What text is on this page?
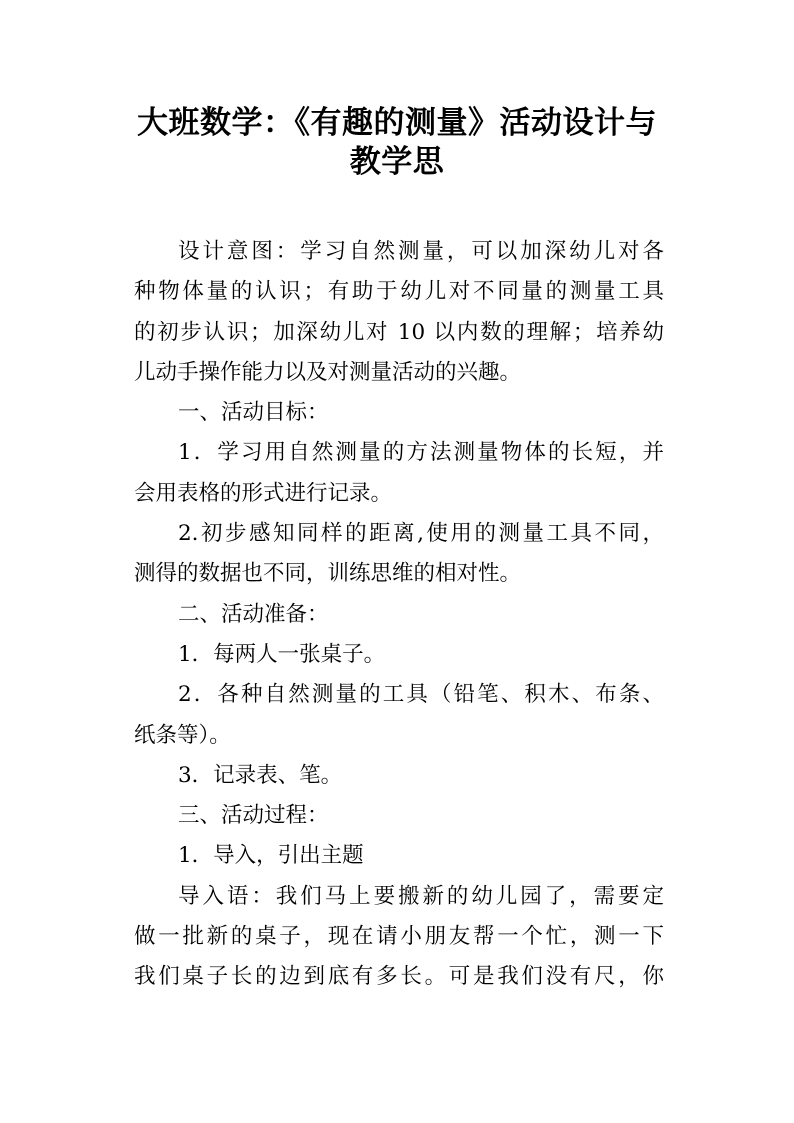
大班数学：《有趣的测量》活动设计与
教学思
设计意图：学习自然测量，可以加深幼儿对各
种物体量的认识；有助于幼儿对不同量的测量工具
的初步认识；加深幼儿对 10 以内数的理解；培养幼
儿动手操作能力以及对测量活动的兴趣。
一、活动目标：
1．学习用自然测量的方法测量物体的长短，并
会用表格的形式进行记录。
2.初步感知同样的距离,使用的测量工具不同，
测得的数据也不同，训练思维的相对性。
二、活动准备：
1．每两人一张桌子。
2．各种自然测量的工具（铅笔、积木、布条、
纸条等）。
3．记录表、笔。
三、活动过程：
1．导入，引出主题
导入语：我们马上要搬新的幼儿园了，需要定
做一批新的桌子，现在请小朋友帮一个忙，测一下
我们桌子长的边到底有多长。可是我们没有尺，你
